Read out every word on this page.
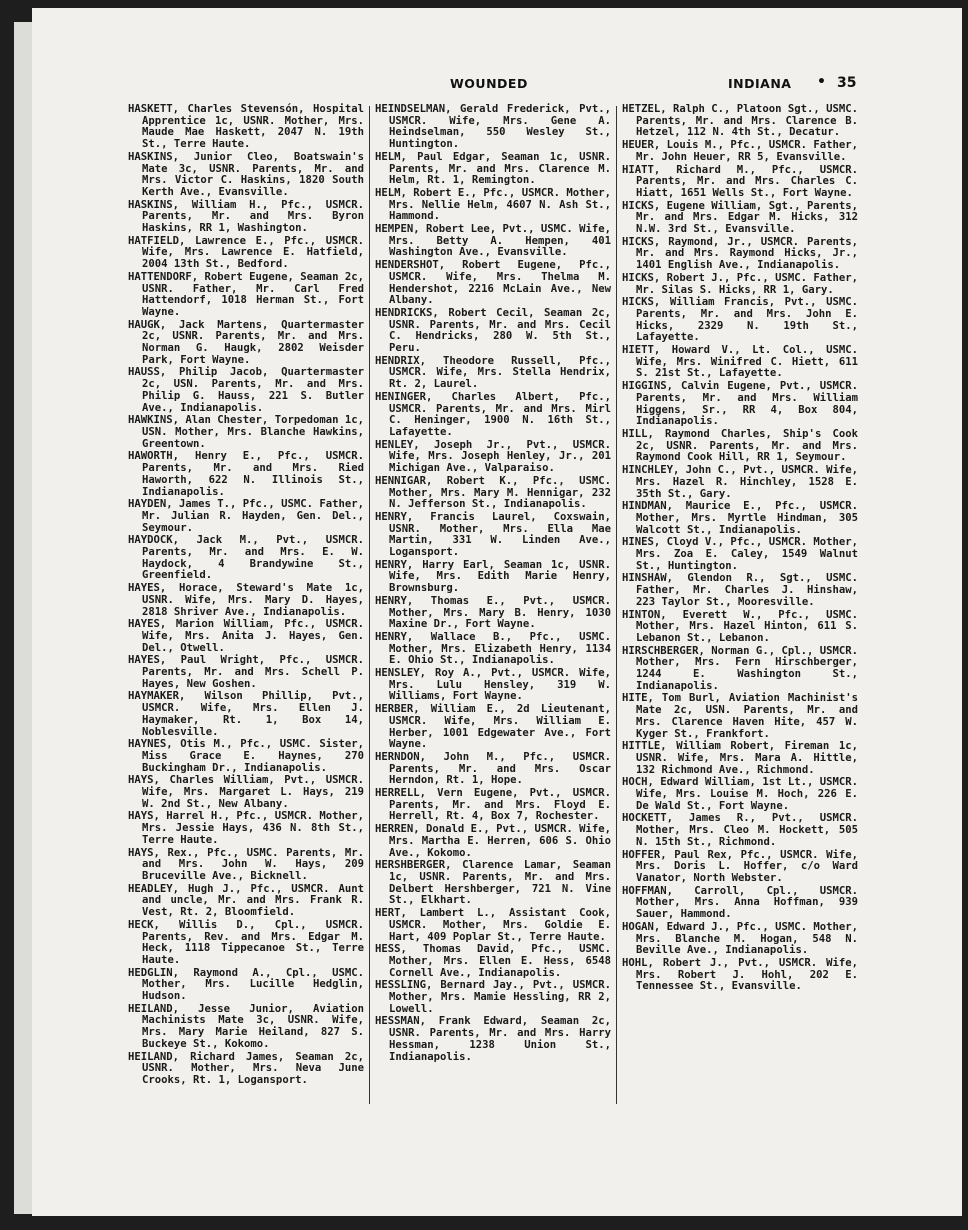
WOUNDED	INDIANA • 35

HASKETT, Charles Stevensón, Hospital Apprentice 1c, USNR. Mother, Mrs. Maude Mae Haskett, 2047 N. 19th St., Terre Haute.

HASKINS, Junior Cleo, Boatswain's Mate 3c, USNR. Parents, Mr. and Mrs. Victor C. Haskins, 1820 South Kerth Ave., Evansville.

HASKINS, William H., Pfc., USMCR. Parents, Mr. and Mrs. Byron Haskins, RR 1, Washington.

HATFIELD, Lawrence E., Pfc., USMCR. Wife, Mrs. Lawrence E. Hatfield, 2004 13th St., Bedford.

HATTENDORF, Robert Eugene, Seaman 2c, USNR. Father, Mr. Carl Fred Hattendorf, 1018 Herman St., Fort Wayne.

HAUGK, Jack Martens, Quartermaster 2c, USNR. Parents, Mr. and Mrs. Norman G. Haugk, 2802 Weisder Park, Fort Wayne.

HAUSS, Philip Jacob, Quartermaster 2c, USN. Parents, Mr. and Mrs. Philip G. Hauss, 221 S. Butler Ave., Indianapolis.

HAWKINS, Alan Chester, Torpedoman 1c, USN. Mother, Mrs. Blanche Hawkins, Greentown.

HAWORTH, Henry E., Pfc., USMCR. Parents, Mr. and Mrs. Ried Haworth, 622 N. Illinois St., Indianapolis.

HAYDEN, James T., Pfc., USMC. Father, Mr. Julian R. Hayden, Gen. Del., Seymour.

HAYDOCK, Jack M., Pvt., USMCR. Parents, Mr. and Mrs. E. W. Haydock, 4 Brandywine St., Greenfield.

HAYES, Horace, Steward's Mate 1c, USNR. Wife, Mrs. Mary D. Hayes, 2818 Shriver Ave., Indianapolis.

HAYES, Marion William, Pfc., USMCR. Wife, Mrs. Anita J. Hayes, Gen. Del., Otwell.

HAYES, Paul Wright, Pfc., USMCR. Parents, Mr. and Mrs. Schell P. Hayes, New Goshen.

HAYMAKER, Wilson Phillip, Pvt., USMCR. Wife, Mrs. Ellen J. Haymaker, Rt. 1, Box 14, Noblesville.

HAYNES, Otis M., Pfc., USMC. Sister, Miss Grace E. Haynes, 270 Buckingham Dr., Indianapolis.

HAYS, Charles William, Pvt., USMCR. Wife, Mrs. Margaret L. Hays, 219 W. 2nd St., New Albany.

HAYS, Harrel H., Pfc., USMCR. Mother, Mrs. Jessie Hays, 436 N. 8th St., Terre Haute.

HAYS, Rex., Pfc., USMC. Parents, Mr. and Mrs. John W. Hays, 209 Bruceville Ave., Bicknell.

HEADLEY, Hugh J., Pfc., USMCR. Aunt and uncle, Mr. and Mrs. Frank R. Vest, Rt. 2, Bloomfield.

HECK, Willis D., Cpl., USMCR. Parents, Rev. and Mrs. Edgar M. Heck, 1118 Tippecanoe St., Terre Haute.

HEDGLIN, Raymond A., Cpl., USMC. Mother, Mrs. Lucille Hedglin, Hudson.

HEILAND, Jesse Junior, Aviation Machinists Mate 3c, USNR. Wife, Mrs. Mary Marie Heiland, 827 S. Buckeye St., Kokomo.

HEILAND, Richard James, Seaman 2c, USNR. Mother, Mrs. Neva June Crooks, Rt. 1, Logansport.

HEINDSELMAN, Gerald Frederick, Pvt., USMCR. Wife, Mrs. Gene A. Heindselman, 550 Wesley St., Huntington.

HELM, Paul Edgar, Seaman 1c, USNR. Parents, Mr. and Mrs. Clarence M. Helm, Rt. 1, Remington.

HELM, Robert E., Pfc., USMCR. Mother, Mrs. Nellie Helm, 4607 N. Ash St., Hammond.

HEMPEN, Robert Lee, Pvt., USMC. Wife, Mrs. Betty A. Hempen, 401 Washington Ave., Evansville.

HENDERSHOT, Robert Eugene, Pfc., USMCR. Wife, Mrs. Thelma M. Hendershot, 2216 McLain Ave., New Albany.

HENDRICKS, Robert Cecil, Seaman 2c, USNR. Parents, Mr. and Mrs. Cecil C. Hendricks, 280 W. 5th St., Peru.

HENDRIX, Theodore Russell, Pfc., USMCR. Wife, Mrs. Stella Hendrix, Rt. 2, Laurel.

HENINGER, Charles Albert, Pfc., USMCR. Parents, Mr. and Mrs. Mirl C. Heninger, 1900 N. 16th St., Lafayette.

HENLEY, Joseph Jr., Pvt., USMCR. Wife, Mrs. Joseph Henley, Jr., 201 Michigan Ave., Valparaiso.

HENNIGAR, Robert K., Pfc., USMC. Mother, Mrs. Mary M. Hennigar, 232 N. Jefferson St., Indianapolis.

HENRY, Francis Laurel, Coxswain, USNR. Mother, Mrs. Ella Mae Martin, 331 W. Linden Ave., Logansport.

HENRY, Harry Earl, Seaman 1c, USNR. Wife, Mrs. Edith Marie Henry, Brownsburg.

HENRY, Thomas E., Pvt., USMCR. Mother, Mrs. Mary B. Henry, 1030 Maxine Dr., Fort Wayne.

HENRY, Wallace B., Pfc., USMC. Mother, Mrs. Elizabeth Henry, 1134 E. Ohio St., Indianapolis.

HENSLEY, Roy A., Pvt., USMCR. Wife, Mrs. Lulu Hensley, 319 W. Williams, Fort Wayne.

HERBER, William E., 2d Lieutenant, USMCR. Wife, Mrs. William E. Herber, 1001 Edgewater Ave., Fort Wayne.

HERNDON, John M., Pfc., USMCR. Parents, Mr. and Mrs. Oscar Herndon, Rt. 1, Hope.

HERRELL, Vern Eugene, Pvt., USMCR. Parents, Mr. and Mrs. Floyd E. Herrell, Rt. 4, Box 7, Rochester.

HERREN, Donald E., Pvt., USMCR. Wife, Mrs. Martha E. Herren, 606 S. Ohio Ave., Kokomo.

HERSHBERGER, Clarence Lamar, Seaman 1c, USNR. Parents, Mr. and Mrs. Delbert Hershberger, 721 N. Vine St., Elkhart.

HERT, Lambert L., Assistant Cook, USMCR. Mother, Mrs. Goldie E. Hart, 409 Poplar St., Terre Haute.

HESS, Thomas David, Pfc., USMC. Mother, Mrs. Ellen E. Hess, 6548 Cornell Ave., Indianapolis.

HESSLING, Bernard Jay., Pvt., USMCR. Mother, Mrs. Mamie Hessling, RR 2, Lowell.

HESSMAN, Frank Edward, Seaman 2c, USNR. Parents, Mr. and Mrs. Harry Hessman, 1238 Union St., Indianapolis.

HETZEL, Ralph C., Platoon Sgt., USMC. Parents, Mr. and Mrs. Clarence B. Hetzel, 112 N. 4th St., Decatur.

HEUER, Louis M., Pfc., USMCR. Father, Mr. John Heuer, RR 5, Evansville.

HIATT, Richard M., Pfc., USMCR. Parents, Mr. and Mrs. Charles C. Hiatt, 1651 Wells St., Fort Wayne.

HICKS, Eugene William, Sgt., Parents, Mr. and Mrs. Edgar M. Hicks, 312 N.W. 3rd St., Evansville.

HICKS, Raymond, Jr., USMCR. Parents, Mr. and Mrs. Raymond Hicks, Jr., 1401 English Ave., Indianapolis.

HICKS, Robert J., Pfc., USMC. Father, Mr. Silas S. Hicks, RR 1, Gary.

HICKS, William Francis, Pvt., USMC. Parents, Mr. and Mrs. John E. Hicks, 2329 N. 19th St., Lafayette.

HIETT, Howard V., Lt. Col., USMC. Wife, Mrs. Winifred C. Hiett, 611 S. 21st St., Lafayette.

HIGGINS, Calvin Eugene, Pvt., USMCR. Parents, Mr. and Mrs. William Higgens, Sr., RR 4, Box 804, Indianapolis.

HILL, Raymond Charles, Ship's Cook 2c, USNR. Parents, Mr. and Mrs. Raymond Cook Hill, RR 1, Seymour.

HINCHLEY, John C., Pvt., USMCR. Wife, Mrs. Hazel R. Hinchley, 1528 E. 35th St., Gary.

HINDMAN, Maurice E., Pfc., USMCR. Mother, Mrs. Myrtle Hindman, 305 Walcott St., Indianapolis.

HINES, Cloyd V., Pfc., USMCR. Mother, Mrs. Zoa E. Caley, 1549 Walnut St., Huntington.

HINSHAW, Glendon R., Sgt., USMC. Father, Mr. Charles J. Hinshaw, 223 Taylor St., Mooresville.

HINTON, Everett W., Pfc., USMC. Mother, Mrs. Hazel Hinton, 611 S. Lebanon St., Lebanon.

HIRSCHBERGER, Norman G., Cpl., USMCR. Mother, Mrs. Fern Hirschberger, 1244 E. Washington St., Indianapolis.

HITE, Tom Burl, Aviation Machinist's Mate 2c, USN. Parents, Mr. and Mrs. Clarence Haven Hite, 457 W. Kyger St., Frankfort.

HITTLE, William Robert, Fireman 1c, USNR. Wife, Mrs. Mara A. Hittle, 132 Richmond Ave., Richmond.

HOCH, Edward William, 1st Lt., USMCR. Wife, Mrs. Louise M. Hoch, 226 E. De Wald St., Fort Wayne.

HOCKETT, James R., Pvt., USMCR. Mother, Mrs. Cleo M. Hockett, 505 N. 15th St., Richmond.

HOFFER, Paul Rex, Pfc., USMCR. Wife, Mrs. Doris L. Hoffer, c/o Ward Vanator, North Webster.

HOFFMAN, Carroll, Cpl., USMCR. Mother, Mrs. Anna Hoffman, 939 Sauer, Hammond.

HOGAN, Edward J., Pfc., USMC. Mother, Mrs. Blanche M. Hogan, 548 N. Beville Ave., Indianapolis.

HOHL, Robert J., Pvt., USMCR. Wife, Mrs. Robert J. Hohl, 202 E. Tennessee St., Evansville.
